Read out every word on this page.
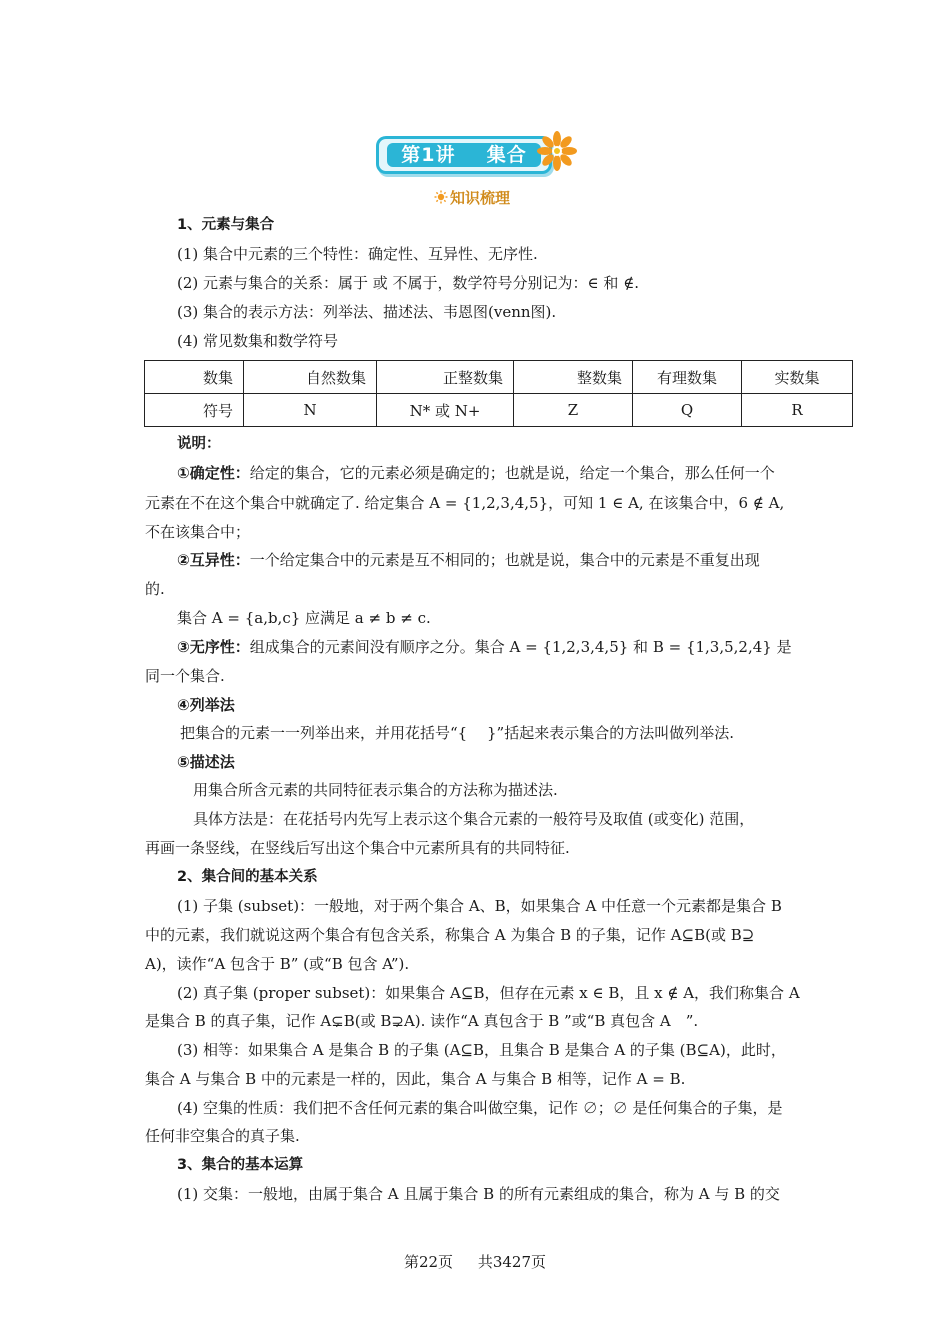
第1讲 集合
知识梳理
1、元素与集合
(1) 集合中元素的三个特性：确定性、互异性、无序性.
(2) 元素与集合的关系：属于 或 不属于，数学符号分别记为：∈ 和 ∉.
(3) 集合的表示方法：列举法、描述法、韦恩图(venn图).
(4) 常见数集和数学符号
数集	自然数集	正整数集	整数集	有理数集	实数集
符号	N	N* 或 N+	Z	Q	R
说明：
①确定性：给定的集合，它的元素必须是确定的；也就是说，给定一个集合，那么任何一个
元素在不在这个集合中就确定了. 给定集合 A = {1,2,3,4,5}，可知 1 ∈ A, 在该集合中，6 ∉ A,
不在该集合中；
②互异性：一个给定集合中的元素是互不相同的；也就是说，集合中的元素是不重复出现
的.
集合 A = {a,b,c} 应满足 a ≠ b ≠ c.
③无序性：组成集合的元素间没有顺序之分。集合 A = {1,2,3,4,5} 和 B = {1,3,5,2,4} 是
同一个集合.
④列举法
把集合的元素一一列举出来，并用花括号“{　 }”括起来表示集合的方法叫做列举法.
⑤描述法
用集合所含元素的共同特征表示集合的方法称为描述法.
具体方法是：在花括号内先写上表示这个集合元素的一般符号及取值 (或变化) 范围，
再画一条竖线，在竖线后写出这个集合中元素所具有的共同特征.
2、集合间的基本关系
(1) 子集 (subset)：一般地，对于两个集合 A、B，如果集合 A 中任意一个元素都是集合 B
中的元素，我们就说这两个集合有包含关系，称集合 A 为集合 B 的子集，记作 A⊆B(或 B⊇
A)，读作“A 包含于 B” (或“B 包含 A”).
(2) 真子集 (proper subset)：如果集合 A⊆B，但存在元素 x ∈ B，且 x ∉ A，我们称集合 A
是集合 B 的真子集，记作 A⊊B(或 B⊋A). 读作“A 真包含于 B ”或“B 真包含 A　”.
(3) 相等：如果集合 A 是集合 B 的子集 (A⊆B，且集合 B 是集合 A 的子集 (B⊆A)，此时，
集合 A 与集合 B 中的元素是一样的，因此，集合 A 与集合 B 相等，记作 A = B.
(4) 空集的性质：我们把不含任何元素的集合叫做空集，记作 ∅；∅ 是任何集合的子集，是
任何非空集合的真子集.
3、集合的基本运算
(1) 交集：一般地，由属于集合 A 且属于集合 B 的所有元素组成的集合，称为 A 与 B 的交
第22页 共3427页
